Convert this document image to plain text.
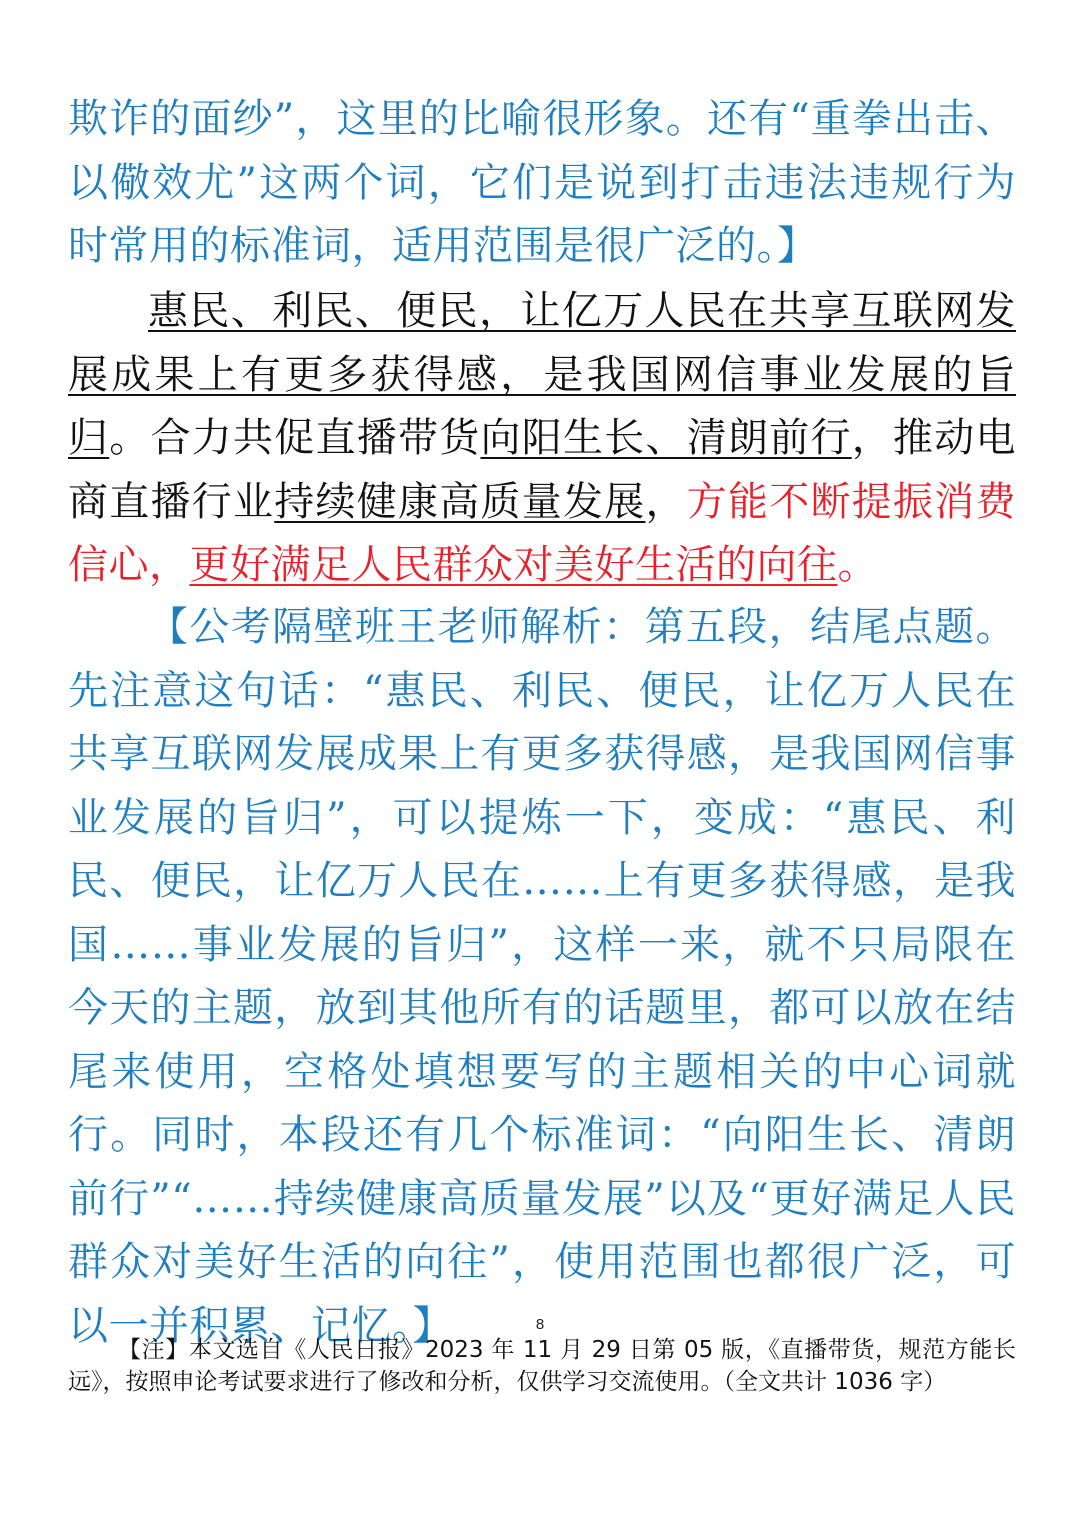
欺诈的面纱”，这里的比喻很形象。还有“重拳出击、以儆效尤”这两个词，它们是说到打击违法违规行为时常用的标准词，适用范围是很广泛的。】

惠民、利民、便民，让亿万人民在共享互联网发展成果上有更多获得感，是我国网信事业发展的旨归。合力共促直播带货向阳生长、清朗前行，推动电商直播行业持续健康高质量发展，方能不断提振消费信心，更好满足人民群众对美好生活的向往。

【公考隔壁班王老师解析：第五段，结尾点题。先注意这句话：“惠民、利民、便民，让亿万人民在共享互联网发展成果上有更多获得感，是我国网信事业发展的旨归”，可以提炼一下，变成：“惠民、利民、便民，让亿万人民在……上有更多获得感，是我国……事业发展的旨归”，这样一来，就不只局限在今天的主题，放到其他所有的话题里，都可以放在结尾来使用，空格处填想要写的主题相关的中心词就行。同时，本段还有几个标准词：“向阳生长、清朗前行”“……持续健康高质量发展”以及“更好满足人民群众对美好生活的向往”，使用范围也都很广泛，可以一并积累、记忆。】	8

【注】本文选自《人民日报》2023 年 11 月 29 日第 05 版，《直播带货，规范方能长远》，按照申论考试要求进行了修改和分析，仅供学习交流使用。（全文共计 1036 字）
